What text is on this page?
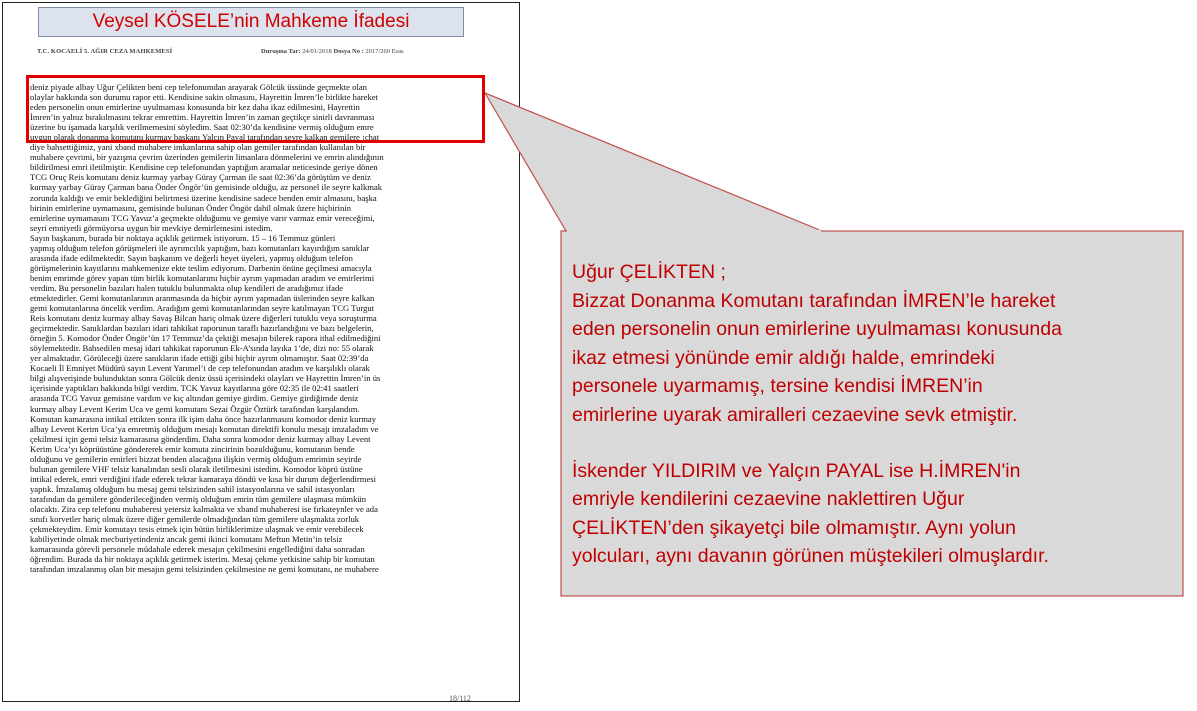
T.C. KOCAELİ 5. AĞIR CEZA MAHKEMESİ	Duruşma Tar: 24/01/2018 Dosya No : 2017/260 Esas
18/112
deniz piyade albay Uğur Çelikten beni cep telefonumdan arayarak Gölcük üssünde geçmekte olan
olaylar hakkında son durumu rapor etti. Kendisine sakin olmasını, Hayrettin İmren’le birlikte hareket
eden personelin onun emirlerine uyulmaması konusunda bir kez daha ikaz edilmesini, Hayrettin
İmren’in yalnız bırakılmasını tekrar emrettim. Hayrettin İmren’in zaman geçtikçe sinirli davranması
üzerine bu işamada karşılık verilmemesini söyledim. Saat 02:30’da kendisine vermiş olduğum emre
uygun olarak donanma komutanı kurmay başkanı Yalçın Payal tarafından seyre kalkan gemilere ¡chat
diye bahsettiğimiz, yani xband muhabere imkanlarına sahip olan gemiler tarafından kullanılan bir
muhabere çevrimi, bir yazışma çevrim üzerinden gemilerin limanlara dönmelerini ve emrin alındığının
bildirilmesi emri iletilmiştir. Kendisine cep telefonundan yaptığım aramalar neticesinde geriye dönen
TCG Oruç Reis komutanı deniz kurmay yarbay Güray Çarman ile saat 02:36’da görüştüm ve deniz
kurmay yarbay Güray Çarman bana Önder Öngör’ün gemisinde olduğu, az personel ile seyre kalkmak
zorunda kaldığı ve emir beklediğini belirtmesi üzerine kendisine sadece benden emir almasını, başka
birinin emirlerine uymamasını, gemisinde bulunan Önder Öngör dahil olmak üzere hiçbirinin
emirlerine uymamasını TCG Yavuz’a geçmekte olduğumu ve gemiye varır varmaz emir vereceğimi,
seyri emniyetli görmüyorsa uygun bir mevkiye demirlemesini istedim.
Sayın başkanım, burada bir noktaya açıklık getirmek istiyorum. 15 – 16 Temmuz günleri
yapmış olduğum telefon görüşmeleri ile ayrımcılık yaptığım, bazı komutanları kayırdığım sanıklar
arasında ifade edilmektedir. Sayın başkanım ve değerli heyet üyeleri, yapmış olduğum telefon
görüşmelerinin kayıtlarını mahkemenize ekte teslim ediyorum. Darbenin önüne geçilmesi amacıyla
benim emrimde görev yapan tüm birlik komutanlarımı hiçbir ayrım yapmadan aradım ve emirlerimi
verdim. Bu personelin bazıları halen tutuklu bulunmakta olup kendileri de aradığımız ifade
etmektedirler. Gemi komutanlarının aranmasında da hiçbir ayrım yapmadan üslerinden seyre kalkan
gemi komutanlarına öncelik verdim. Aradığım gemi komutanlarından seyre katılmayan TCG Turgut
Reis komutanı deniz kurmay albay Savaş Bilcan hariç olmak üzere diğerleri tutuklu veya soruşturma
geçirmektedir. Sanıklardan bazıları idari tahkikat raporunun taraflı hazırlandığını ve bazı belgelerin,
örneğin 5. Komodor Önder Öngör’ün 17 Temmuz’da çektiği mesajın bilerek rapora ithal edilmediğini
söylemektedir. Bahsedilen mesaj idari tahkikat raporunun Ek-A’sında layıka 1’de, dizi no: 55 olarak
yer almaktadır. Görüleceği üzere sanıkların ifade ettiği gibi hiçbir ayrım olmamıştır. Saat 02:39’da
Kocaeli İl Emniyet Müdürü sayın Levent Yarımel’i de cep telefonundan aradım ve karşılıklı olarak
bilgi alışverişinde bulunduktan sonra Gölcük deniz üssü içerisindeki olayları ve Hayrettin İmren’in üs
içerisinde yaptıkları hakkında bilgi verdim. TCK Yavuz kayıtlarına göre 02:35 ile 02:41 saatleri
arasında TCG Yavuz gemisine vardım ve kıç altından gemiye girdim. Gemiye girdiğimde deniz
kurmay albay Levent Kerim Uca ve gemi komutanı Sezai Özgür Öztürk tarafından karşılandım.
Komutan kamarasına intikal ettikten sonra ilk işim daha önce hazırlanmasını komodor deniz kurmay
albay Levent Kerim Uca’ya emretmiş olduğum mesajı komutan direktifi konulu mesajı imzaladım ve
çekilmesi için gemi telsiz kamarasına gönderdim. Daha sonra komodor deniz kurmay albay Levent
Kerim Uca’yı köprüüstüne göndererek emir komuta zincirinin bozulduğunu, komutanın bende
olduğunu ve gemilerin emirleri bizzat benden alacağına ilişkin vermiş olduğum emrimin seyirde
bulunan gemilere VHF telsiz kanalından sesli olarak iletilmesini istedim. Komodor köprü üstüne
intikal ederek, emri verdiğini ifade ederek tekrar kamaraya döndü ve kısa bir durum değerlendirmesi
yaptık. İmzalamış olduğum bu mesaj gemi telsizinden sahil istasyonlarına ve sahil istasyonları
tarafından da gemilere gönderileceğinden vermiş olduğum emrin tüm gemilere ulaşması mümkün
olacaktı. Zira cep telefonu muhaberesi yetersiz kalmakta ve xband muhaberesi ise fırkateynler ve ada
sınıfı korvetler hariç olmak üzere diğer gemilerde olmadığından tüm gemilere ulaşmakta zorluk
çekmekteydim. Emir komutayı tesis etmek için bütün birliklerimize ulaşmak ve emir verebilecek
kabiliyetinde olmak mecburiyetindeniz ancak gemi ikinci komutanı Meftun Metin’in telsiz
kamarasında görevli personele müdahale ederek mesajın çekilmesini engellediğini daha sonradan
öğrendim. Burada da bir noktaya açıklık getirmek isterim. Mesaj çekme yetkisine sahip bir komutan
tarafından imzalanmış olan bir mesajın gemi telsizinden çekilmesine ne gemi komutanı, ne muhabere
Veysel KÖSELE’nin Mahkeme İfadesi

Uğur ÇELİKTEN ;

Bizzat Donanma Komutanı tarafından İMREN’le hareket

eden personelin onun emirlerine uyulmaması konusunda

ikaz etmesi yönünde emir aldığı halde, emrindeki

personele uyarmamış, tersine kendisi İMREN’in

emirlerine uyarak amiralleri cezaevine sevk etmiştir.

İskender YILDIRIM ve Yalçın PAYAL ise H.İMREN'in

emriyle kendilerini cezaevine naklettiren Uğur

ÇELİKTEN’den şikayetçi bile olmamıştır. Aynı yolun

yolcuları, aynı davanın görünen müştekileri olmuşlardır.
